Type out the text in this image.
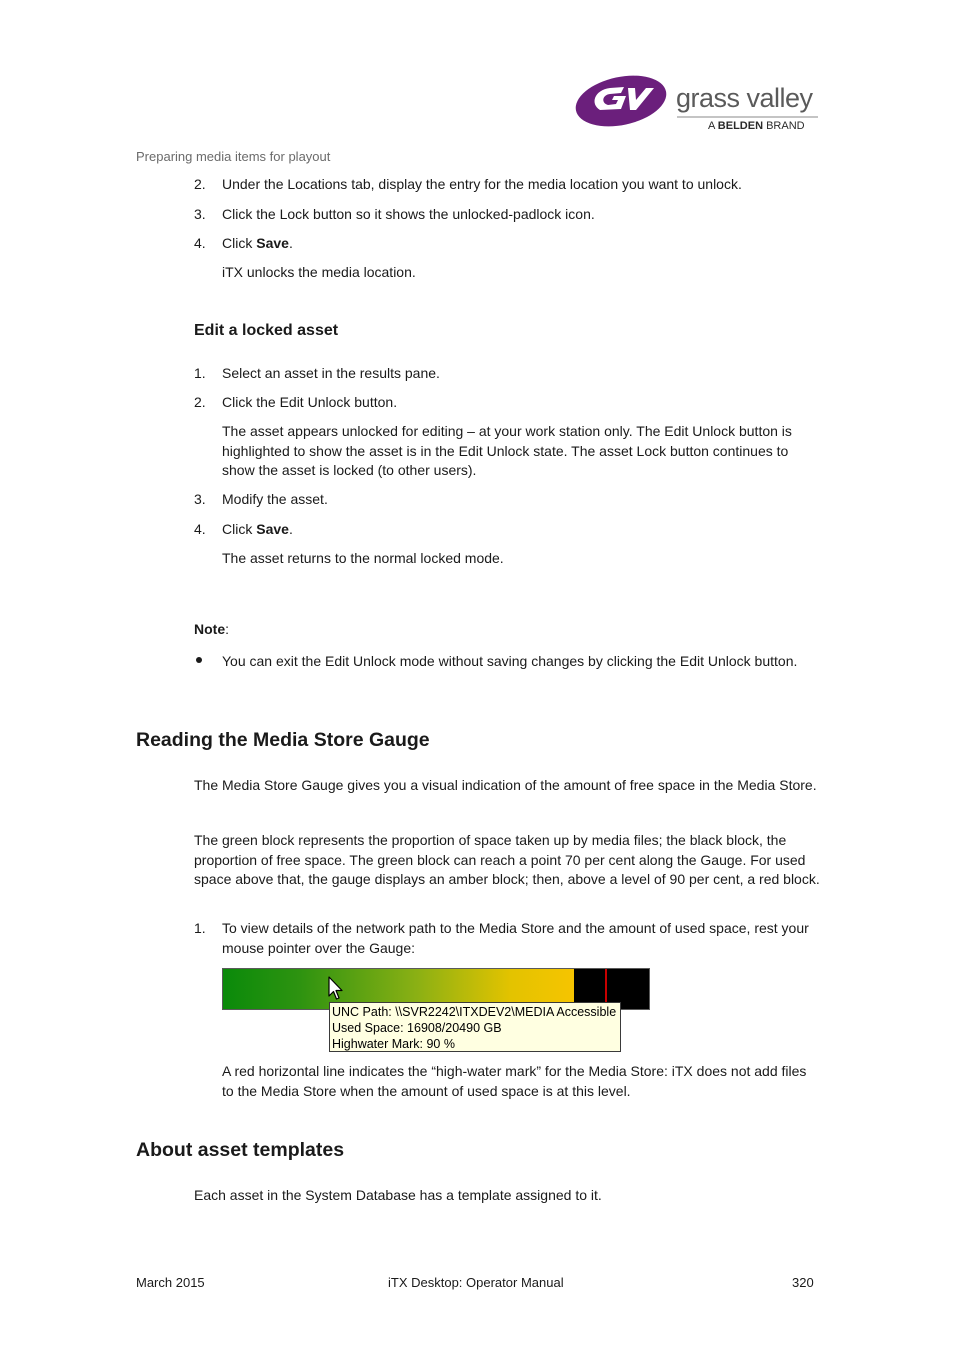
grass valley
A BELDEN BRAND
Preparing media items for playout
2.	Under the Locations tab, display the entry for the media location you want to unlock.
3.	Click the Lock button so it shows the unlocked-padlock icon.
4.	Click Save.
iTX unlocks the media location.
Edit a locked asset
1.	Select an asset in the results pane.
2.	Click the Edit Unlock button.
The asset appears unlocked for editing – at your work station only. The Edit Unlock button is highlighted to show the asset is in the Edit Unlock state. The asset Lock button continues to show the asset is locked (to other users).
3.	Modify the asset.
4.	Click Save.
The asset returns to the normal locked mode.
Note:
You can exit the Edit Unlock mode without saving changes by clicking the Edit Unlock button.
Reading the Media Store Gauge
The Media Store Gauge gives you a visual indication of the amount of free space in the Media Store.
The green block represents the proportion of space taken up by media files; the black block, the proportion of free space. The green block can reach a point 70 per cent along the Gauge. For used space above that, the gauge displays an amber block; then, above a level of 90 per cent, a red block.
1.	To view details of the network path to the Media Store and the amount of used space, rest your mouse pointer over the Gauge:
UNC Path: \\SVR2242\ITXDEV2\MEDIA Accessible
Used Space: 16908/20490 GB
Highwater Mark: 90 %
A red horizontal line indicates the “high-water mark” for the Media Store: iTX does not add files to the Media Store when the amount of used space is at this level.
About asset templates
Each asset in the System Database has a template assigned to it.
March 2015	iTX Desktop: Operator Manual	320
